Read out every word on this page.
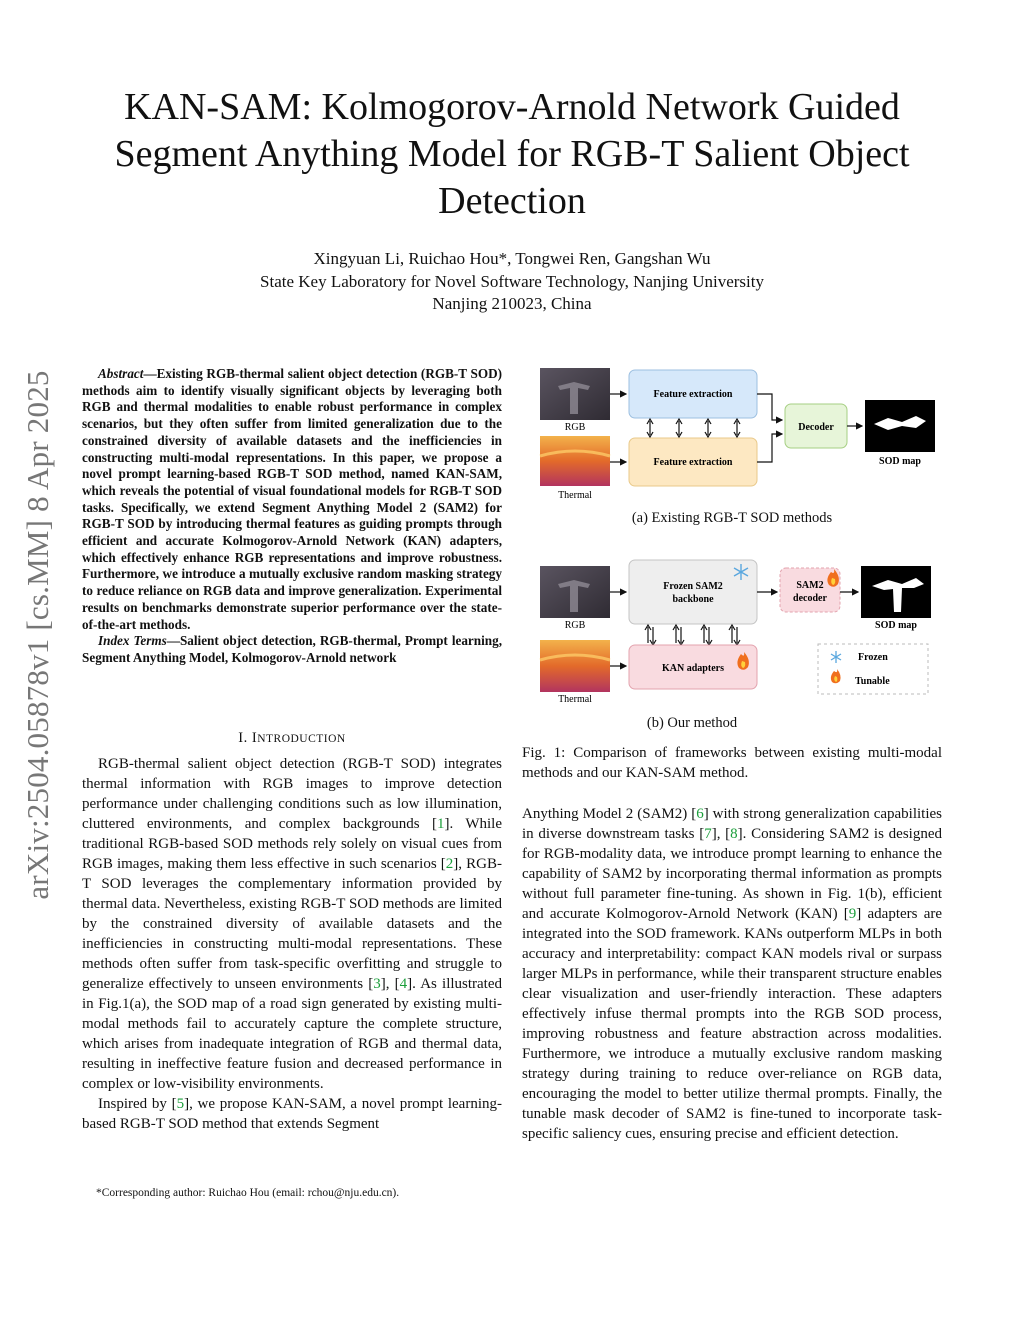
KAN-SAM: Kolmogorov-Arnold Network Guided Segment Anything Model for RGB-T Salient Object Detection
Xingyuan Li, Ruichao Hou*, Tongwei Ren, Gangshan Wu
State Key Laboratory for Novel Software Technology, Nanjing University
Nanjing 210023, China
arXiv:2504.05878v1 [cs.MM] 8 Apr 2025	Abstract—Existing RGB-thermal salient object detection (RGB-T SOD) methods aim to identify visually significant objects by leveraging both RGB and thermal modalities to enable robust performance in complex scenarios, but they often suffer from limited generalization due to the constrained diversity of available datasets and the inefficiencies in constructing multi-modal representations. In this paper, we propose a novel prompt learning-based RGB-T SOD method, named KAN-SAM, which reveals the potential of visual foundational models for RGB-T SOD tasks. Specifically, we extend Segment Anything Model 2 (SAM2) for RGB-T SOD by introducing thermal features as guiding prompts through efficient and accurate Kolmogorov-Arnold Network (KAN) adapters, which effectively enhance RGB representations and improve robustness. Furthermore, we introduce a mutually exclusive random masking strategy to reduce reliance on RGB data and improve generalization. Experimental results on benchmarks demonstrate superior performance over the state-of-the-art methods.
Index Terms—Salient object detection, RGB-thermal, Prompt learning, Segment Anything Model, Kolmogorov-Arnold network
I. INTRODUCTION

RGB-thermal salient object detection (RGB-T SOD) integrates thermal information with RGB images to improve detection performance under challenging conditions such as low illumination, cluttered environments, and complex backgrounds [1]. While traditional RGB-based SOD methods rely solely on visual cues from RGB images, making them less effective in such scenarios [2], RGB-T SOD leverages the complementary information provided by thermal data. Nevertheless, existing RGB-T SOD methods are limited by the constrained diversity of available datasets and the inefficiencies in constructing multi-modal representations. These methods often suffer from task-specific overfitting and struggle to generalize effectively to unseen environments [3], [4]. As illustrated in Fig.1(a), the SOD map of a road sign generated by existing multi-modal methods fail to accurately capture the complete structure, which arises from inadequate integration of RGB and thermal data, resulting in ineffective feature fusion and decreased performance in complex or low-visibility environments.

Inspired by [5], we propose KAN-SAM, a novel prompt learning-based RGB-T SOD method that extends Segment

*Corresponding author: Ruichao Hou (email: rchou@nju.edu.cn).
RGB
Thermal
Feature extraction
Feature extraction
Decoder
SOD map
RGB
Thermal
Frozen SAM2
backbone
KAN adapters
SAM2
decoder
SOD map
Frozen
Tunable
(a) Existing RGB-T SOD methods
(b) Our method
Fig. 1: Comparison of frameworks between existing multi-modal methods and our KAN-SAM method.
Anything Model 2 (SAM2) [6] with strong generalization capabilities in diverse downstream tasks [7], [8]. Considering SAM2 is designed for RGB-modality data, we introduce prompt learning to enhance the capability of SAM2 by incorporating thermal information as prompts without full parameter fine-tuning. As shown in Fig. 1(b), efficient and accurate Kolmogorov-Arnold Network (KAN) [9] adapters are integrated into the SOD framework. KANs outperform MLPs in both accuracy and interpretability: compact KAN models rival or surpass larger MLPs in performance, while their transparent structure enables clear visualization and user-friendly interaction. These adapters effectively infuse thermal prompts into the RGB SOD process, improving robustness and feature abstraction across modalities. Furthermore, we introduce a mutually exclusive random masking strategy during training to reduce over-reliance on RGB data, encouraging the model to better utilize thermal prompts. Finally, the tunable mask decoder of SAM2 is fine-tuned to incorporate task-specific saliency cues, ensuring precise and efficient detection.
